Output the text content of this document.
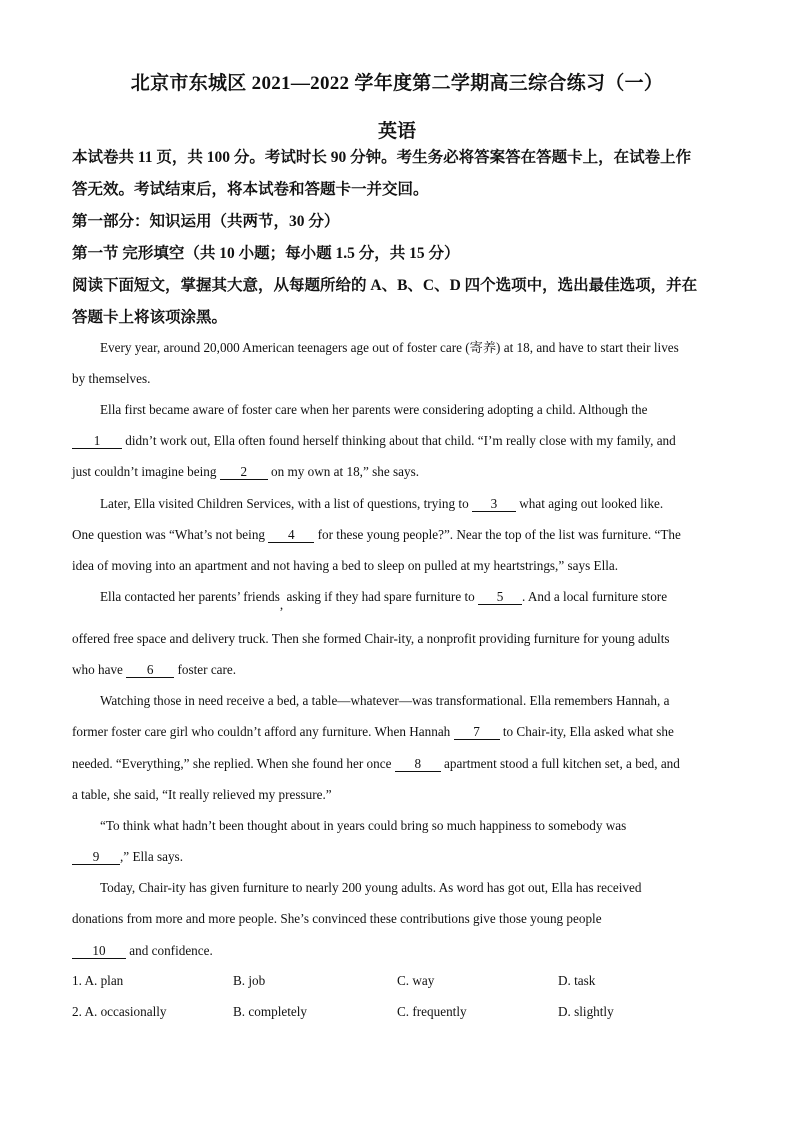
北京市东城区 2021—2022 学年度第二学期高三综合练习（一）
英语
本试卷共 11 页，共 100 分。考试时长 90 分钟。考生务必将答案答在答题卡上，在试卷上作
答无效。考试结束后，将本试卷和答题卡一并交回。
第一部分：知识运用（共两节，30 分）
第一节 完形填空（共 10 小题；每小题 1.5 分，共 15 分）
阅读下面短文，掌握其大意，从每题所给的 A、B、C、D 四个选项中，选出最佳选项，并在
答题卡上将该项涂黑。
Every year, around 20,000 American teenagers age out of foster care (寄养) at 18, and have to start their lives
by themselves.
Ella first became aware of foster care when her parents were considering adopting a child. Although the
1 didn’t work out, Ella often found herself thinking about that child. “I’m really close with my family, and
just couldn’t imagine being 2 on my own at 18,” she says.
Later, Ella visited Children Services, with a list of questions, trying to 3 what aging out looked like.
One question was “What’s not being 4 for these young people?”. Near the top of the list was furniture. “The
idea of moving into an apartment and not having a bed to sleep on pulled at my heartstrings,” says Ella.
Ella contacted her parents’ friends, asking if they had spare furniture to 5 . And a local furniture store
offered free space and delivery truck. Then she formed Chair-ity, a nonprofit providing furniture for young adults
who have 6 foster care.
Watching those in need receive a bed, a table—whatever—was transformational. Ella remembers Hannah, a
former foster care girl who couldn’t afford any furniture. When Hannah 7 to Chair-ity, Ella asked what she
needed. “Everything,” she replied. When she found her once 8 apartment stood a full kitchen set, a bed, and
a table, she said, “It really relieved my pressure.”
“To think what hadn’t been thought about in years could bring so much happiness to somebody was
9 ,” Ella says.
Today, Chair-ity has given furniture to nearly 200 young adults. As word has got out, Ella has received
donations from more and more people. She’s convinced these contributions give those young people
10 and confidence.
1. A. plan	B. job	C. way	D. task
2. A. occasionally	B. completely	C. frequently	D. slightly
